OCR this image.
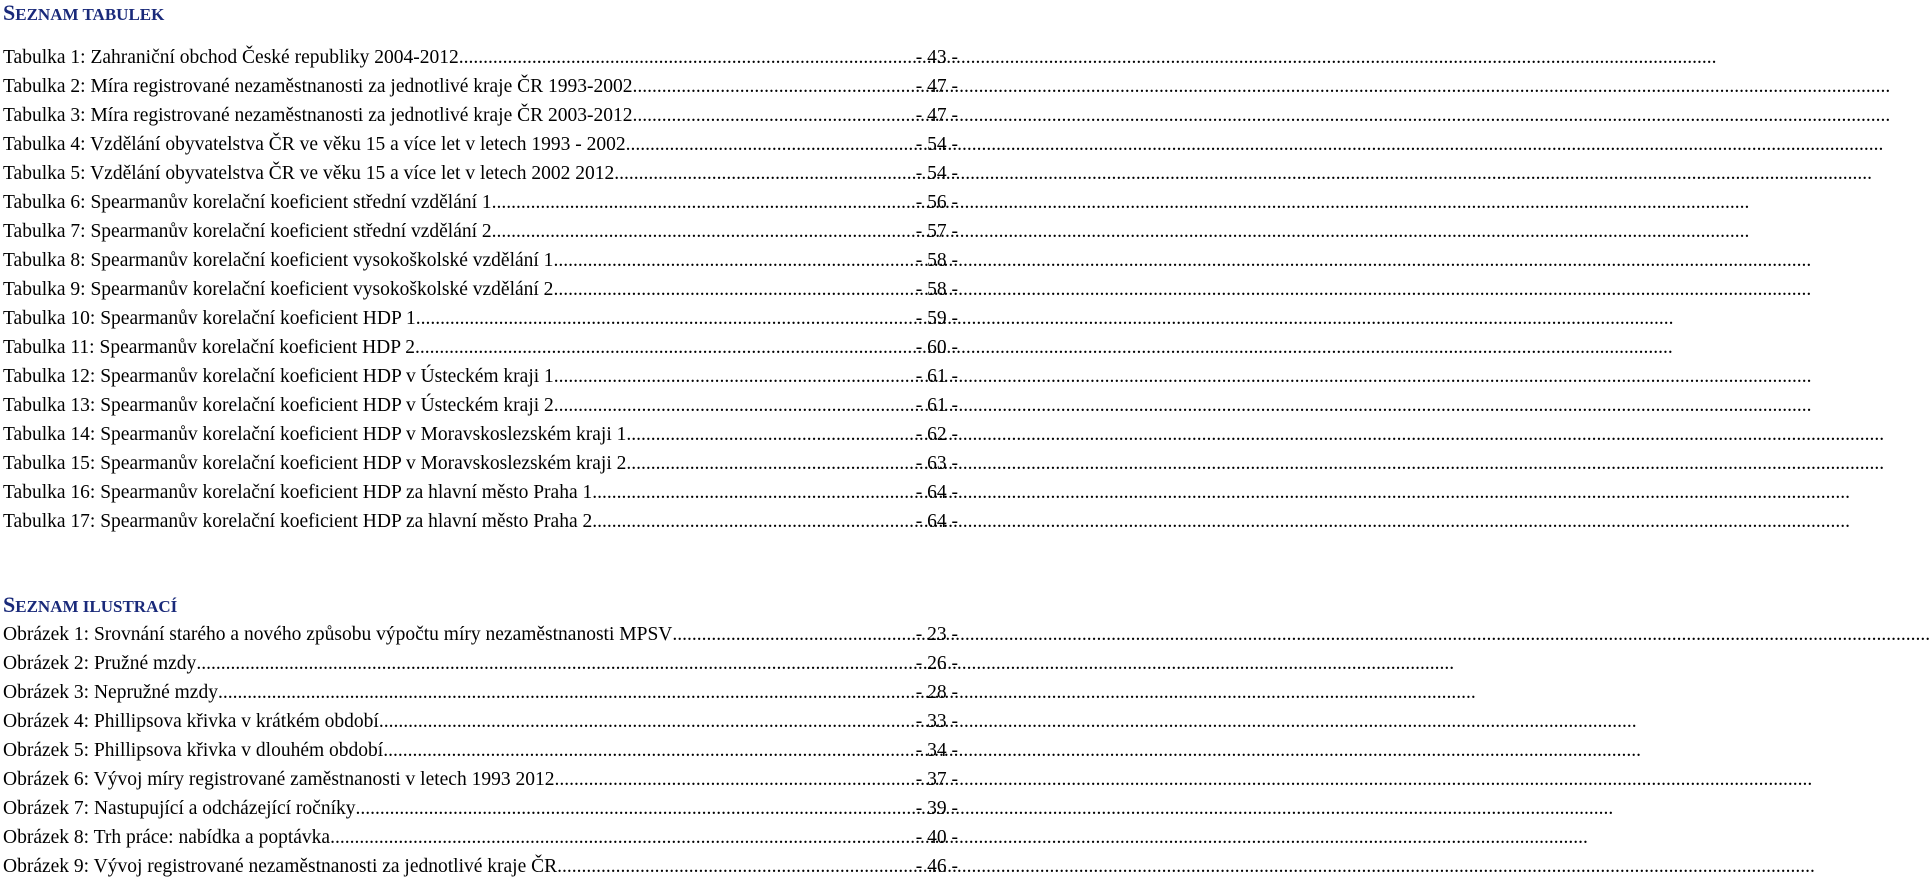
SEZNAM TABULEK
Tabulka 1: Zahraniční obchod České republiky 2004-2012 .....	- 43 -
Tabulka 2: Míra registrované nezaměstnanosti za jednotlivé kraje ČR 1993-2002 .....	- 47 -
Tabulka 3: Míra registrované nezaměstnanosti za jednotlivé kraje ČR 2003-2012 .....	- 47 -
Tabulka 4: Vzdělání obyvatelstva ČR ve věku 15 a více let v letech 1993 - 2002 .....	- 54 -
Tabulka 5: Vzdělání obyvatelstva ČR ve věku 15 a více let v letech 2002 2012 .....	- 54 -
Tabulka 6: Spearmanův korelační koeficient střední vzdělání 1 .....	- 56 -
Tabulka 7: Spearmanův korelační koeficient střední vzdělání 2 .....	- 57 -
Tabulka 8: Spearmanův korelační koeficient vysokoškolské vzdělání 1 .....	- 58 -
Tabulka 9: Spearmanův korelační koeficient vysokoškolské vzdělání 2 .....	- 58 -
Tabulka 10: Spearmanův korelační koeficient HDP 1 .....	- 59 -
Tabulka 11: Spearmanův korelační koeficient HDP 2 .....	- 60 -
Tabulka 12: Spearmanův korelační koeficient HDP v Ústeckém kraji 1 .....	- 61 -
Tabulka 13: Spearmanův korelační koeficient HDP v Ústeckém kraji 2 .....	- 61 -
Tabulka 14: Spearmanův korelační koeficient HDP v Moravskoslezském kraji 1 .....	- 62 -
Tabulka 15: Spearmanův korelační koeficient HDP v Moravskoslezském kraji 2 .....	- 63 -
Tabulka 16: Spearmanův korelační koeficient HDP za hlavní město Praha 1 .....	- 64 -
Tabulka 17: Spearmanův korelační koeficient HDP za hlavní město Praha 2 .....	- 64 -
SEZNAM ILUSTRACÍ
Obrázek 1: Srovnání starého a nového způsobu výpočtu míry nezaměstnanosti MPSV .....	- 23 -
Obrázek 2: Pružné mzdy .....	- 26 -
Obrázek 3: Nepružné mzdy .....	- 28 -
Obrázek 4: Phillipsova křivka v krátkém období .....	- 33 -
Obrázek 5: Phillipsova křivka v dlouhém období .....	- 34 -
Obrázek 6: Vývoj míry registrované zaměstnanosti v letech 1993 2012 .....	- 37 -
Obrázek 7: Nastupující a odcházející ročníky .....	- 39 -
Obrázek 8: Trh práce: nabídka a poptávka .....	- 40 -
Obrázek 9: Vývoj registrované nezaměstnanosti za jednotlivé kraje ČR .....	- 46 -
